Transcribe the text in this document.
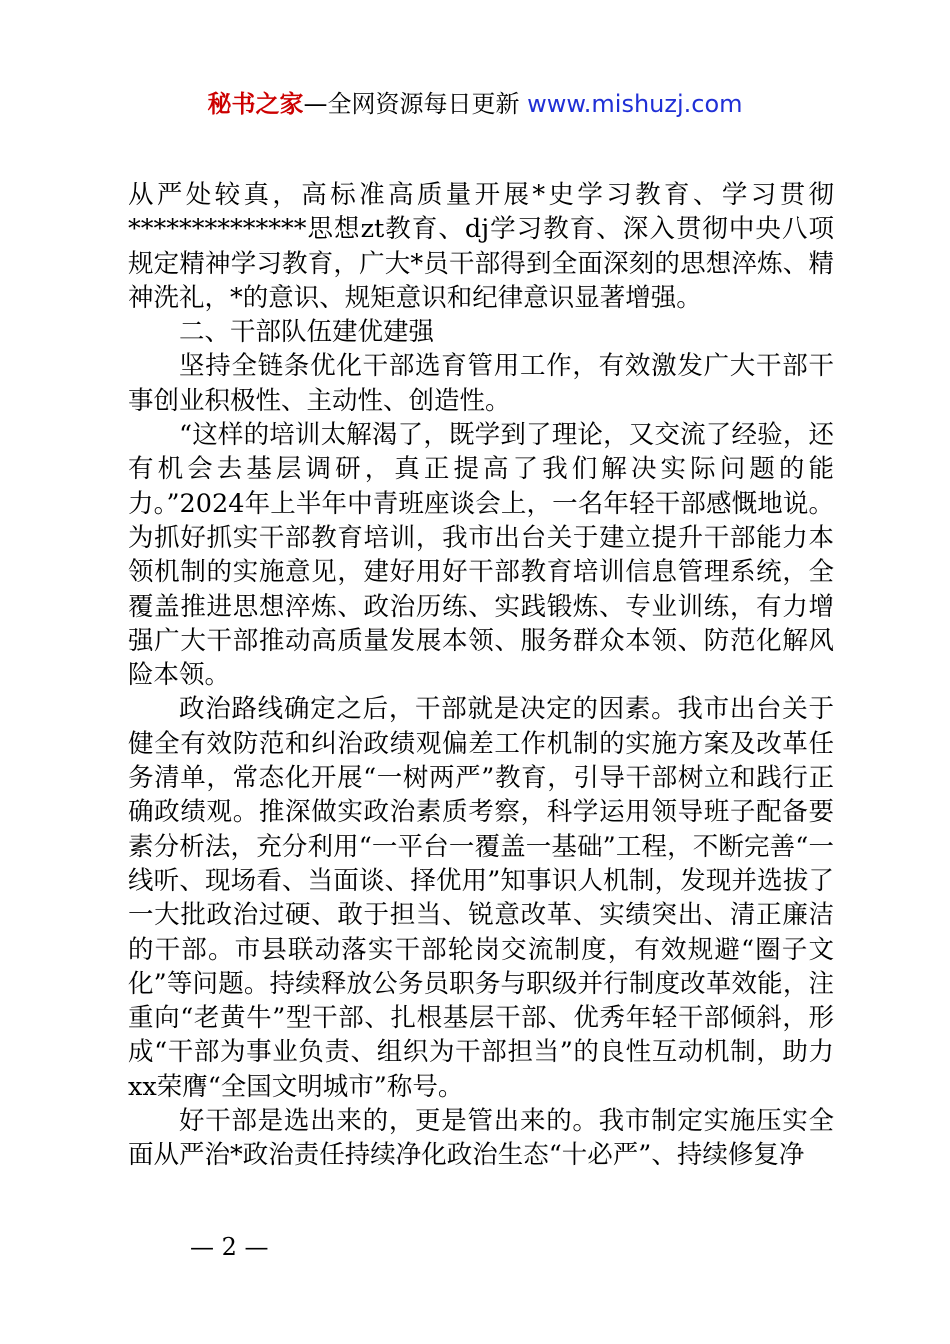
秘书之家—全网资源每日更新 www.mishuzj.com

从严处较真，高标准高质量开展*史学习教育、学习贯彻**************思想zt教育、dj学习教育、深入贯彻中央八项规定精神学习教育，广大*员干部得到全面深刻的思想淬炼、精神洗礼，*的意识、规矩意识和纪律意识显著增强。

二、干部队伍建优建强

坚持全链条优化干部选育管用工作，有效激发广大干部干事创业积极性、主动性、创造性。

“这样的培训太解渴了，既学到了理论，又交流了经验，还有机会去基层调研，真正提高了我们解决实际问题的能力。”2024年上半年中青班座谈会上，一名年轻干部感慨地说。为抓好抓实干部教育培训，我市出台关于建立提升干部能力本领机制的实施意见，建好用好干部教育培训信息管理系统，全覆盖推进思想淬炼、政治历练、实践锻炼、专业训练，有力增强广大干部推动高质量发展本领、服务群众本领、防范化解风险本领。

政治路线确定之后，干部就是决定的因素。我市出台关于健全有效防范和纠治政绩观偏差工作机制的实施方案及改革任务清单，常态化开展“一树两严”教育，引导干部树立和践行正确政绩观。推深做实政治素质考察，科学运用领导班子配备要素分析法，充分利用“一平台一覆盖一基础”工程，不断完善“一线听、现场看、当面谈、择优用”知事识人机制，发现并选拔了一大批政治过硬、敢于担当、锐意改革、实绩突出、清正廉洁的干部。市县联动落实干部轮岗交流制度，有效规避“圈子文化”等问题。持续释放公务员职务与职级并行制度改革效能，注重向“老黄牛”型干部、扎根基层干部、优秀年轻干部倾斜，形成“干部为事业负责、组织为干部担当”的良性互动机制，助力xx荣膺“全国文明城市”称号。

好干部是选出来的，更是管出来的。我市制定实施压实全面从严治*政治责任持续净化政治生态“十必严”、持续修复净

— 2 —
